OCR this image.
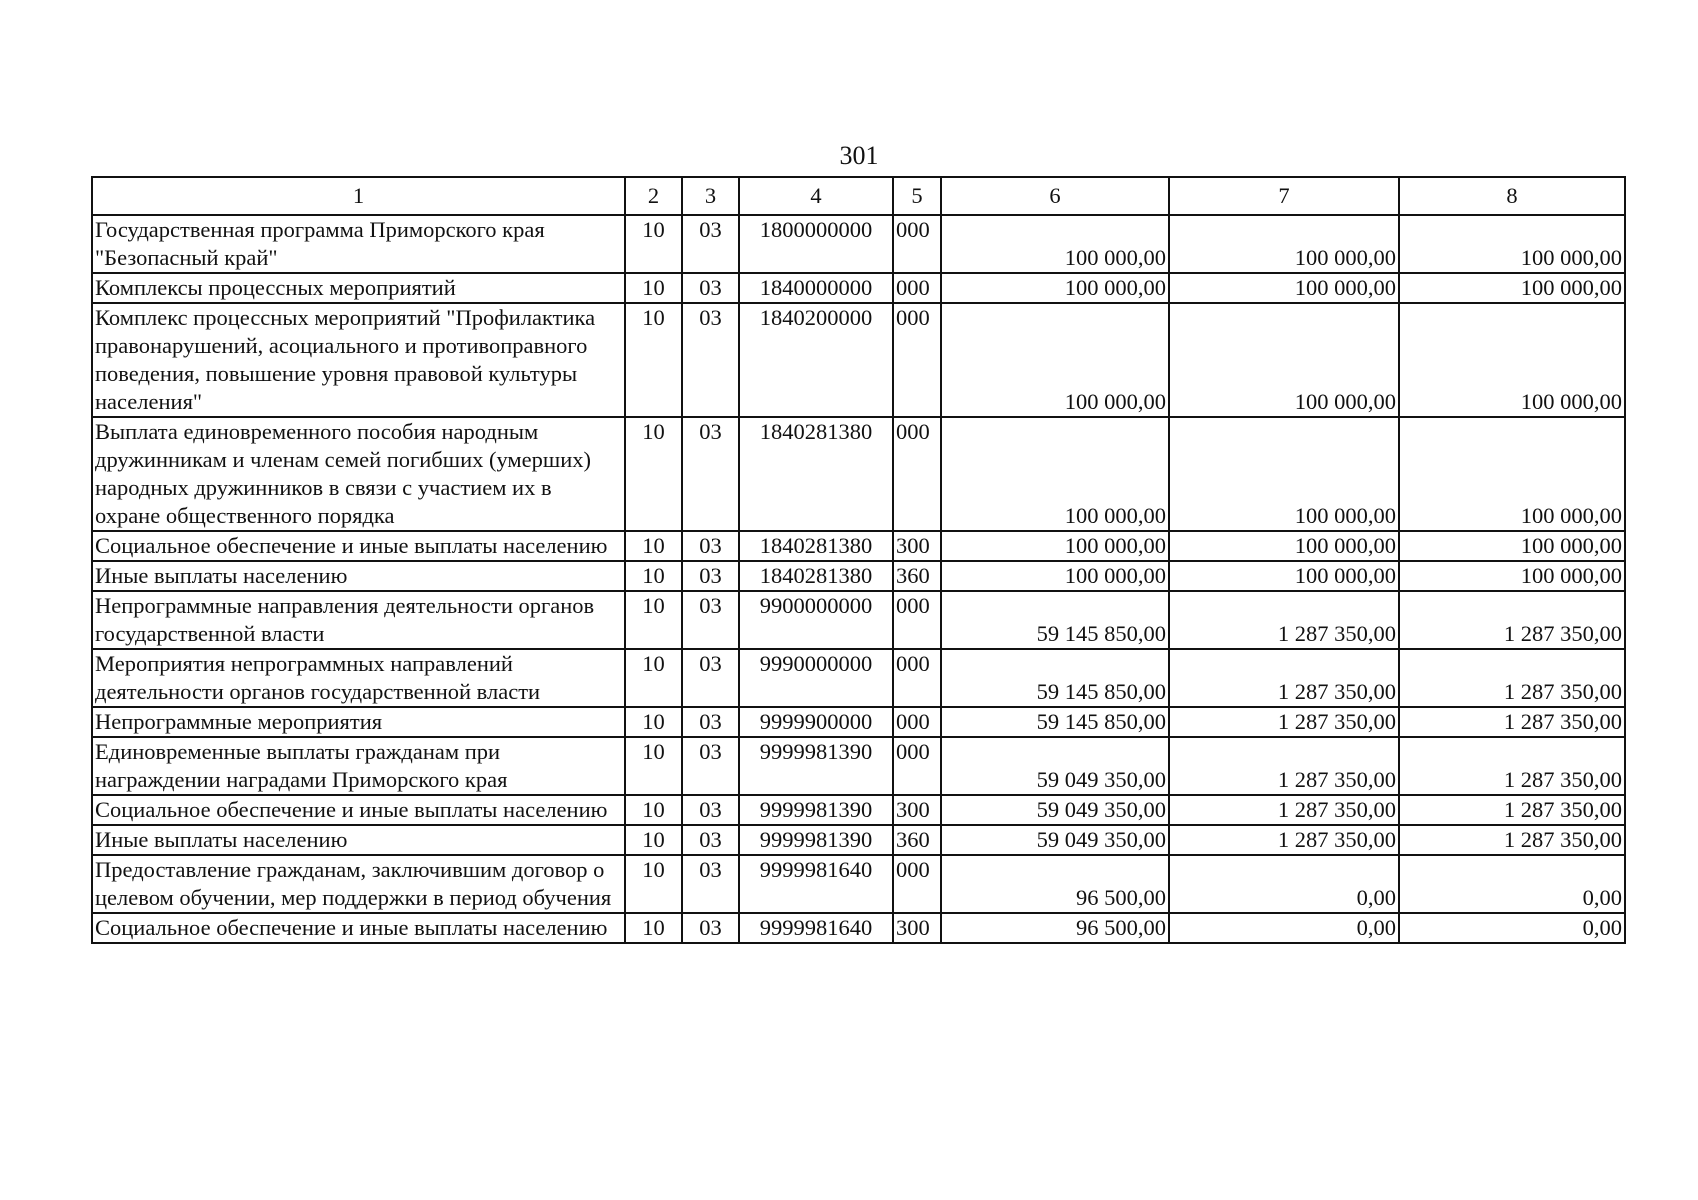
301
1	2	3	4	5	6	7	8
Государственная программа Приморского края "Безопасный край"	10	03	1800000000	000	100 000,00	100 000,00	100 000,00
Комплексы процессных мероприятий	10	03	1840000000	000	100 000,00	100 000,00	100 000,00
Комплекс процессных мероприятий "Профилактика правонарушений, асоциального и противоправного поведения, повышение уровня правовой культуры населения"	10	03	1840200000	000	100 000,00	100 000,00	100 000,00
Выплата единовременного пособия народным дружинникам и членам семей погибших (умерших) народных дружинников в связи с участием их в охране общественного порядка	10	03	1840281380	000	100 000,00	100 000,00	100 000,00
Социальное обеспечение и иные выплаты населению	10	03	1840281380	300	100 000,00	100 000,00	100 000,00
Иные выплаты населению	10	03	1840281380	360	100 000,00	100 000,00	100 000,00
Непрограммные направления деятельности органов государственной власти	10	03	9900000000	000	59 145 850,00	1 287 350,00	1 287 350,00
Мероприятия непрограммных направлений деятельности органов государственной власти	10	03	9990000000	000	59 145 850,00	1 287 350,00	1 287 350,00
Непрограммные мероприятия	10	03	9999900000	000	59 145 850,00	1 287 350,00	1 287 350,00
Единовременные выплаты гражданам при награждении наградами Приморского края	10	03	9999981390	000	59 049 350,00	1 287 350,00	1 287 350,00
Социальное обеспечение и иные выплаты населению	10	03	9999981390	300	59 049 350,00	1 287 350,00	1 287 350,00
Иные выплаты населению	10	03	9999981390	360	59 049 350,00	1 287 350,00	1 287 350,00
Предоставление гражданам, заключившим договор о целевом обучении, мер поддержки в период обучения	10	03	9999981640	000	96 500,00	0,00	0,00
Социальное обеспечение и иные выплаты населению	10	03	9999981640	300	96 500,00	0,00	0,00
